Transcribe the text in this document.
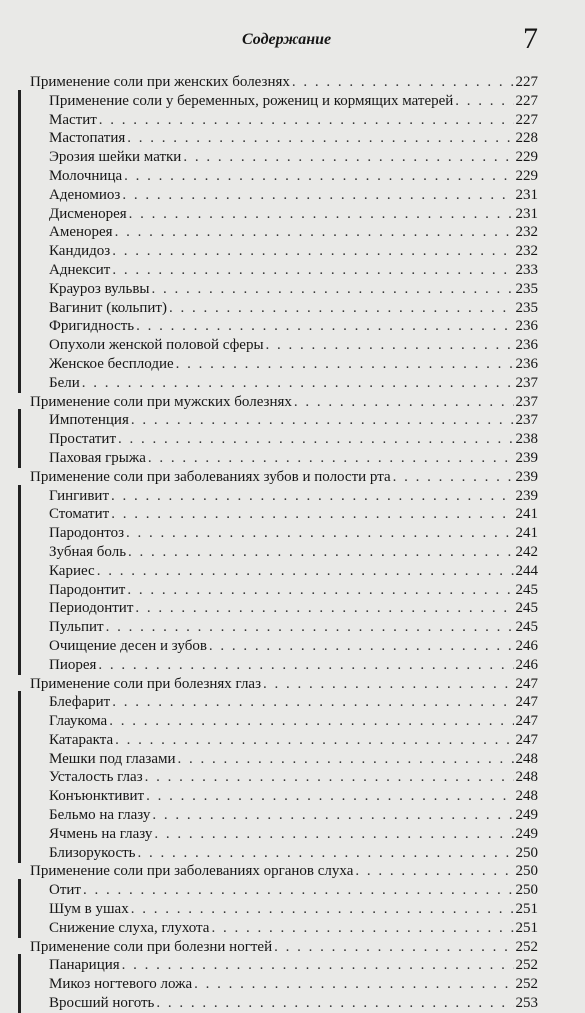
Содержание	7
Применение соли при женских болезнях . . .	227
Применение соли у беременных, рожениц и кормящих матерей . . .	227
Мастит . . .	227
Мастопатия . . .	228
Эрозия шейки матки . . .	229
Молочница . . .	229
Аденомиоз . . .	231
Дисменорея . . .	231
Аменорея . . .	232
Кандидоз . . .	232
Аднексит . . .	233
Крауроз вульвы . . .	235
Вагинит (кольпит) . . .	235
Фригидность . . .	236
Опухоли женской половой сферы . . .	236
Женское бесплодие . . .	236
Бели . . .	237
Применение соли при мужских болезнях . . .	237
Импотенция . . .	237
Простатит . . .	238
Паховая грыжа . . .	239
Применение соли при заболеваниях зубов и полости рта . . .	239
Гингивит . . .	239
Стоматит . . .	241
Пародонтоз . . .	241
Зубная боль . . .	242
Кариес . . .	244
Пародонтит . . .	245
Периодонтит . . .	245
Пульпит . . .	245
Очищение десен и зубов . . .	246
Пиорея . . .	246
Применение соли при болезнях глаз . . .	247
Блефарит . . .	247
Глаукома . . .	247
Катаракта . . .	247
Мешки под глазами . . .	248
Усталость глаз . . .	248
Конъюнктивит . . .	248
Бельмо на глазу . . .	249
Ячмень на глазу . . .	249
Близорукость . . .	250
Применение соли при заболеваниях органов слуха . . .	250
Отит . . .	250
Шум в ушах . . .	251
Снижение слуха, глухота . . .	251
Применение соли при болезни ногтей . . .	252
Панариция . . .	252
Микоз ногтевого ложа . . .	252
Вросший ноготь . . .	253
